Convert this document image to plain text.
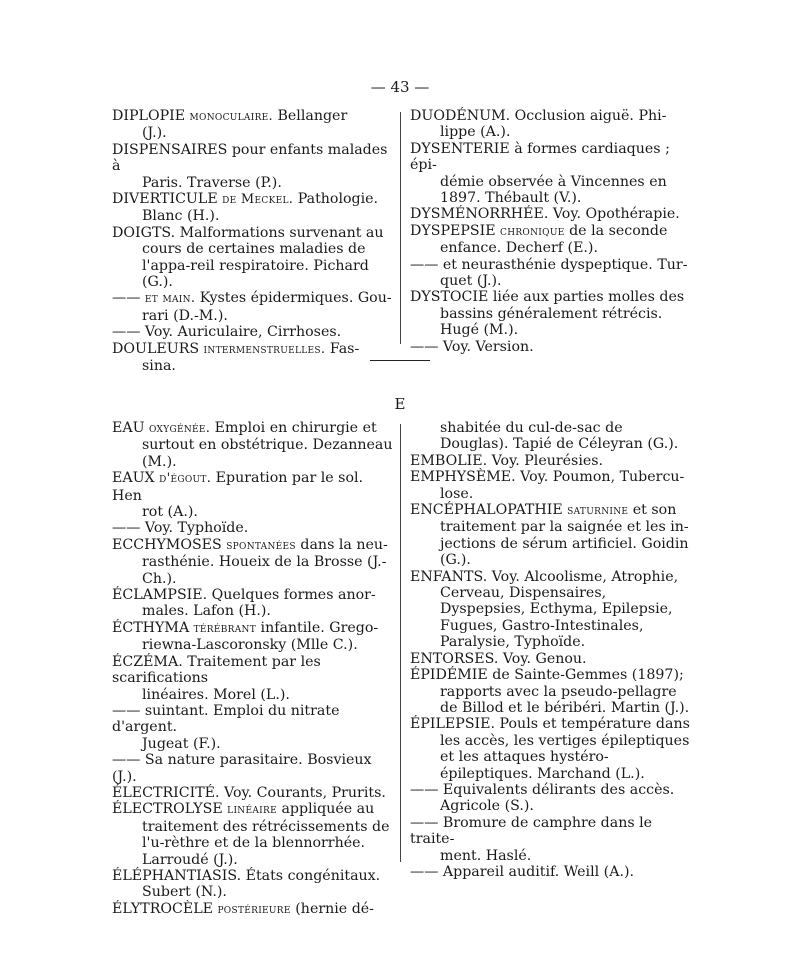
— 43 —

DIPLOPIE monoculaire. Bellanger
(J.).

DISPENSAIRES pour enfants malades à
Paris. Traverse (P.).

DIVERTICULE de Meckel. Pathologie.
Blanc (H.).

DOIGTS. Malformations survenant au
cours de certaines maladies de l'appa-reil respiratoire. Pichard (G.).

—— et main. Kystes épidermiques. Gou-
rari (D.-M.).

—— Voy. Auriculaire, Cirrhoses.

DOULEURS intermenstruelles. Fas-
sina.

DUODÉNUM. Occlusion aiguë. Phi-
lippe (A.).

DYSENTERIE à formes cardiaques ; épi-
démie observée à Vincennes en 1897. Thébault (V.).

DYSMÉNORRHÉE. Voy. Opothérapie.

DYSPEPSIE chronique de la seconde
enfance. Decherf (E.).

—— et neurasthénie dyspeptique. Tur-
quet (J.).

DYSTOCIE liée aux parties molles des
bassins généralement rétrécis. Hugé (M.).

—— Voy. Version.

E

EAU oxygénée. Emploi en chirurgie et
surtout en obstétrique. Dezanneau (M.).

EAUX d'égout. Epuration par le sol. Hen
rot (A.).

—— Voy. Typhoïde.

ECCHYMOSES spontanées dans la neu-
rasthénie. Houeix de la Brosse (J.-Ch.).

ÉCLAMPSIE. Quelques formes anor-
males. Lafon (H.).

ÉCTHYMA térébrant infantile. Grego-
riewna-Lascoronsky (Mlle C.).

ÉCZÉMA. Traitement par les scarifications
linéaires. Morel (L.).

—— suintant. Emploi du nitrate d'argent.
Jugeat (F.).

—— Sa nature parasitaire. Bosvieux (J.).

ÉLECTRICITÉ. Voy. Courants, Prurits.

ÉLECTROLYSE linéaire appliquée au
traitement des rétrécissements de l'u-rèthre et de la blennorrhée. Larroudé (J.).

ÉLÉPHANTIASIS. États congénitaux.
Subert (N.).

ÉLYTROCÈLE postérieure (hernie dé-

shabitée du cul-de-sac de Douglas). Tapié de Céleyran (G.).

EMBOLIE. Voy. Pleurésies.

EMPHYSÈME. Voy. Poumon, Tubercu-
lose.

ENCÉPHALOPATHIE saturnine et son
traitement par la saignée et les in-jections de sérum artificiel. Goidin (G.).

ENFANTS. Voy. Alcoolisme, Atrophie,
Cerveau, Dispensaires, Dyspepsies, Ecthyma, Epilepsie, Fugues, Gastro-Intestinales, Paralysie, Typhoïde.

ENTORSES. Voy. Genou.

ÉPIDÉMIE de Sainte-Gemmes (1897);
rapports avec la pseudo-pellagre de Billod et le béribéri. Martin (J.).

ÉPILEPSIE. Pouls et température dans
les accès, les vertiges épileptiques et les attaques hystéro-épileptiques. Marchand (L.).

—— Equivalents délirants des accès.
Agricole (S.).

—— Bromure de camphre dans le traite-
ment. Haslé.

—— Appareil auditif. Weill (A.).
